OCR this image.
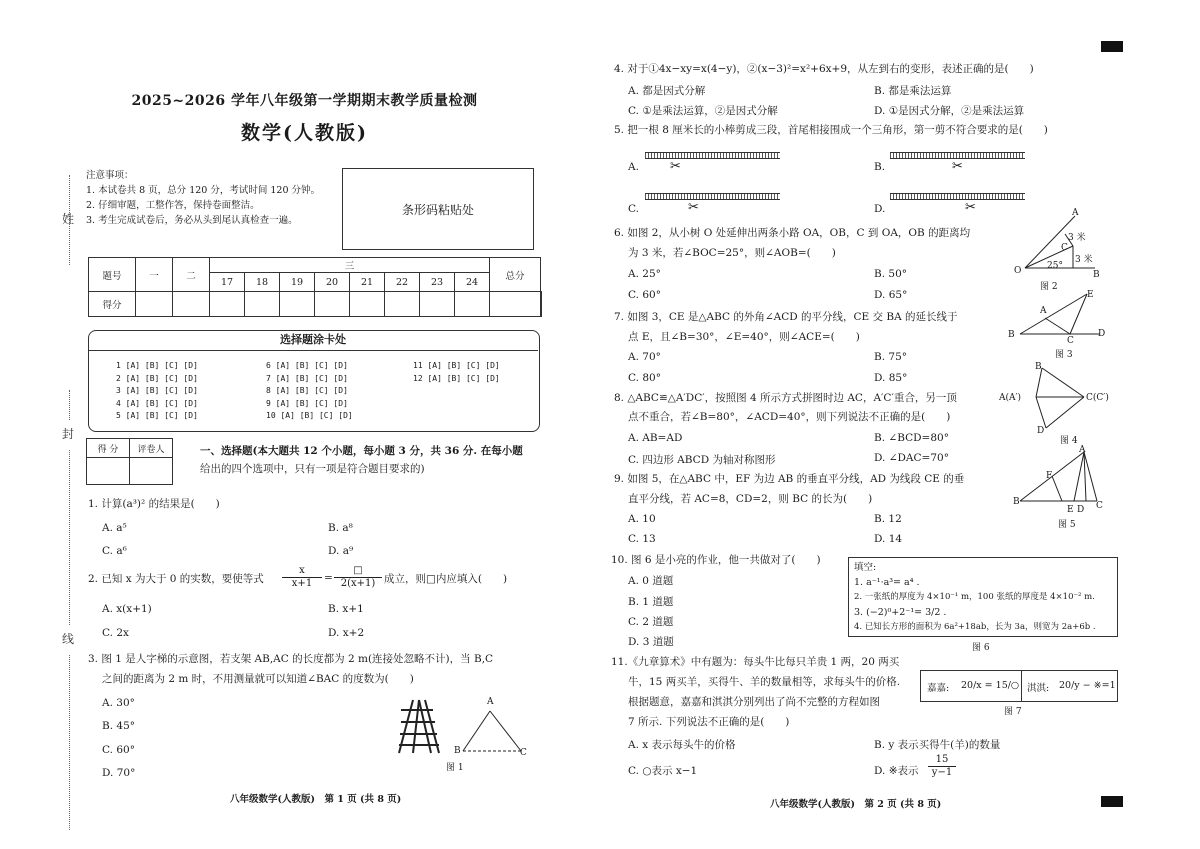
姓
封
线
2025~2026 学年八年级第一学期期末教学质量检测
数学(人教版)
注意事项：
1. 本试卷共 8 页，总分 120 分，考试时间 120 分钟。
2. 仔细审题，工整作答，保持卷面整洁。
3. 考生完成试卷后，务必从头到尾认真检查一遍。
条形码粘贴处
题号	一	二	三								总分	
			17	18	19	20	21	22	23	24		
得分												
选择题涂卡处
1 [A] [B] [C] [D]
2 [A] [B] [C] [D]
3 [A] [B] [C] [D]
4 [A] [B] [C] [D]
5 [A] [B] [C] [D]
6 [A] [B] [C] [D]
7 [A] [B] [C] [D]
8 [A] [B] [C] [D]
9 [A] [B] [C] [D]
10 [A] [B] [C] [D]
11 [A] [B] [C] [D]
12 [A] [B] [C] [D]
得 分	评卷人
		一、选择题(本大题共 12 个小题，每小题 3 分，共 36 分. 在每小题
给出的四个选项中，只有一项是符合题目要求的)
1. 计算(a³)² 的结果是(　　)
A. a⁵	B. a⁸
C. a⁶	D. a⁹
2. 已知 x 为大于 0 的实数，要使等式 $\frac{x}{x+1}$ =
□
2(x+1) 成立，则□内应填入(　　)
A. x(x+1)	B. x+1
C. 2x	D. x+2
3. 图 1 是人字梯的示意图，若支架 AB,AC 的长度都为 2 m(连接处忽略不计)，当 B,C
之间的距离为 2 m 时，不用测量就可以知道∠BAC 的度数为(　　)
A. 30°
B. 45°
C. 60°
D. 70°
A
B	C
图 1
八年级数学(人教版)　第 1 页 (共 8 页)
4. 对于①4x−xy=x(4−y)，②(x−3)²=x²+6x+9，从左到右的变形，表述正确的是(　　)
A. 都是因式分解	B. 都是乘法运算
C. ①是乘法运算，②是因式分解	D. ①是因式分解，②是乘法运算
5. 把一根 8 厘米长的小棒剪成三段，首尾相接围成一个三角形，第一剪不符合要求的是(　　)
A. ✂	B.	✂
C.	✂	D.	✂
6. 如图 2，从小树 O 处延伸出两条小路 OA，OB，C 到 OA，OB 的距离均
为 3 米，若∠BOC=25°，则∠AOB=(　　)
A. 25°	B. 50°
C. 60°	D. 65°
A
3 米
3 米
C
25°
O	B
图 2
7. 如图 3，CE 是△ABC 的外角∠ACD 的平分线，CE 交 BA 的延长线于
点 E，且∠B=30°，∠E=40°，则∠ACE=(　　)
A. 70°	B. 75°
C. 80°	D. 85°
E
A
B
C
D
图 3
8. △ABC≌△A′DC′，按照图 4 所示方式拼图时边 AC，A′C′重合，另一顶
点不重合，若∠B=80°，∠ACD=40°，则下列说法不正确的是(　　)
A. AB=AD	B. ∠BCD=80°
C. 四边形 ABCD 为轴对称图形	D. ∠DAC=70°
B
A(A′)	C(C′)
D
图 4
9. 如图 5，在△ABC 中，EF 为边 AB 的垂直平分线，AD 为线段 CE 的垂
直平分线，若 AC=8，CD=2，则 BC 的长为(　　)
A. 10	B. 12
C. 13	D. 14
A
F
B
E D C
图 5
10. 图 6 是小亮的作业，他一共做对了(　　)
A. 0 道题
B. 1 道题
C. 2 道题
D. 3 道题
填空:
1. a⁻¹·a³= a⁴ .
2. 一张纸的厚度为 4×10⁻¹ m，100 张纸的厚度是 4×10⁻² m.
3. (−2)⁰+2⁻¹= 3/2 .
4. 已知长方形的面积为 6a²+18ab，长为 3a，则宽为 2a+6b .
图 6
11.《九章算术》中有题为：每头牛比每只羊贵 1 两，20 两买
牛，15 两买羊，买得牛、羊的数量相等，求每头牛的价格.
根据题意，嘉嘉和淇淇分别列出了尚不完整的方程如图
7 所示. 下列说法不正确的是(　　)
嘉嘉: 20/x = 15/○ 淇淇: 20/y − ※=1
图 7
A. x 表示每头牛的价格	B. y 表示买得牛(羊)的数量
C. ○表示 x−1	D. ※表示 $\frac{15}{y-1}$
八年级数学(人教版)　第 2 页 (共 8 页)
